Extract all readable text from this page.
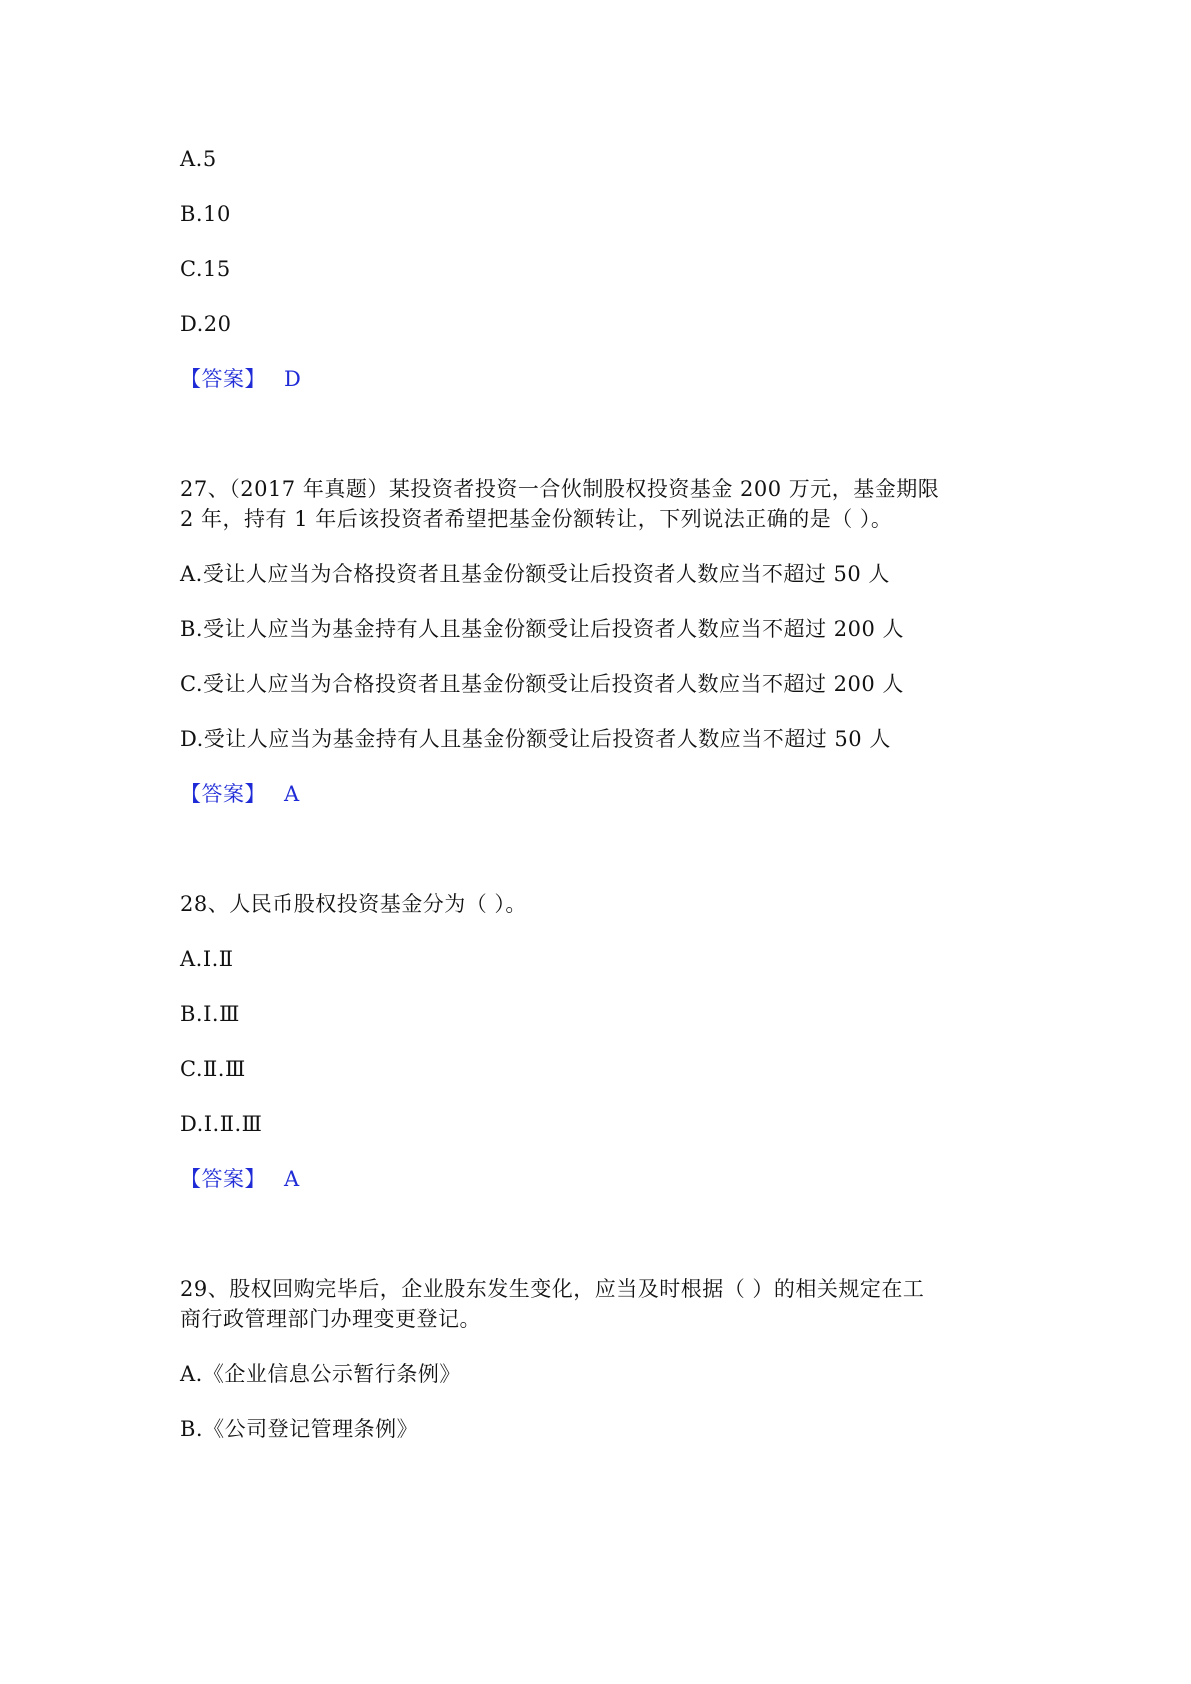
A.5
B.10
C.15
D.20
【答案】 D
27、（2017 年真题）某投资者投资一合伙制股权投资基金 200 万元，基金期限
2 年，持有 1 年后该投资者希望把基金份额转让，下列说法正确的是（ ）。
A.受让人应当为合格投资者且基金份额受让后投资者人数应当不超过 50 人
B.受让人应当为基金持有人且基金份额受让后投资者人数应当不超过 200 人
C.受让人应当为合格投资者且基金份额受让后投资者人数应当不超过 200 人
D.受让人应当为基金持有人且基金份额受让后投资者人数应当不超过 50 人
【答案】 A
28、人民币股权投资基金分为（ ）。
A.Ⅰ.Ⅱ
B.Ⅰ.Ⅲ
C.Ⅱ.Ⅲ
D.Ⅰ.Ⅱ.Ⅲ
【答案】 A
29、股权回购完毕后，企业股东发生变化，应当及时根据（ ）的相关规定在工
商行政管理部门办理变更登记。
A.《企业信息公示暂行条例》
B.《公司登记管理条例》
